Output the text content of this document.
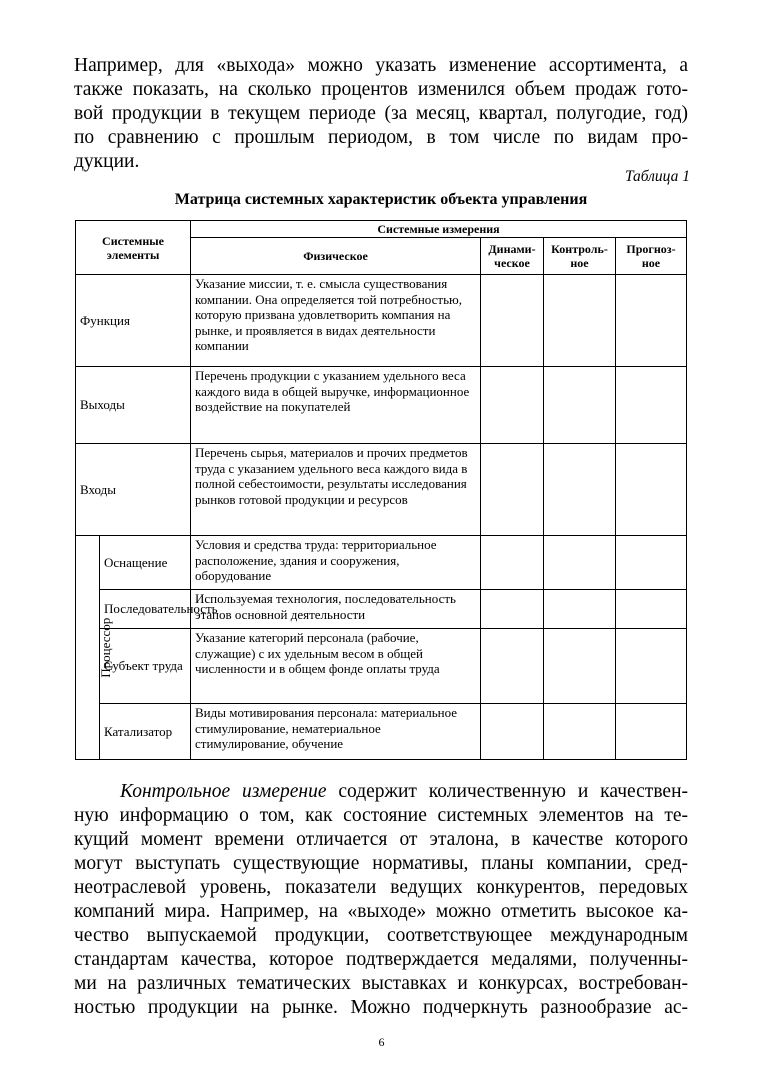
Например, для «выхода» можно указать изменение ассортимента, а
также показать, на сколько процентов изменился объем продаж гото-
вой продукции в текущем периоде (за месяц, квартал, полугодие, год)
по сравнению с прошлым периодом, в том числе по видам про-
дукции.
Таблица 1
Матрица системных характеристик объекта управления
Системные элементы		Системные измерения			
		Физическое	Динами-ческое	Контроль-ное	Прогноз-ное
Функция		Указание миссии, т. е. смысла существования компании. Она определяется той потребностью, которую призвана удовлетворить компания на рынке, и проявляется в видах деятельности компании			
Выходы		Перечень продукции с указанием удельного веса каждого вида в общей выручке, информационное воздействие на покупателей			
Входы		Перечень сырья, материалов и прочих предметов труда с указанием удельного веса каждого вида в полной себестоимости, результаты исследования рынков готовой продукции и ресурсов			
Процессор	Оснащение	Условия и средства труда: территориальное расположение, здания и сооружения, оборудование			
	Последовательность	Используемая технология, последовательность этапов основной деятельности			
	Субъект труда	Указание категорий персонала (рабочие, служащие) с их удельным весом в общей численности и в общем фонде оплаты труда			
	Катализатор	Виды мотивирования персонала: материальное стимулирование, нематериальное стимулирование, обучение			
Контрольное измерение содержит количественную и качествен-
ную информацию о том, как состояние системных элементов на те-
кущий момент времени отличается от эталона, в качестве которого
могут выступать существующие нормативы, планы компании, сред-
неотраслевой уровень, показатели ведущих конкурентов, передовых
компаний мира. Например, на «выходе» можно отметить высокое ка-
чество выпускаемой продукции, соответствующее международным
стандартам качества, которое подтверждается медалями, полученны-
ми на различных тематических выставках и конкурсах, востребован-
ностью продукции на рынке. Можно подчеркнуть разнообразие ас-
6
